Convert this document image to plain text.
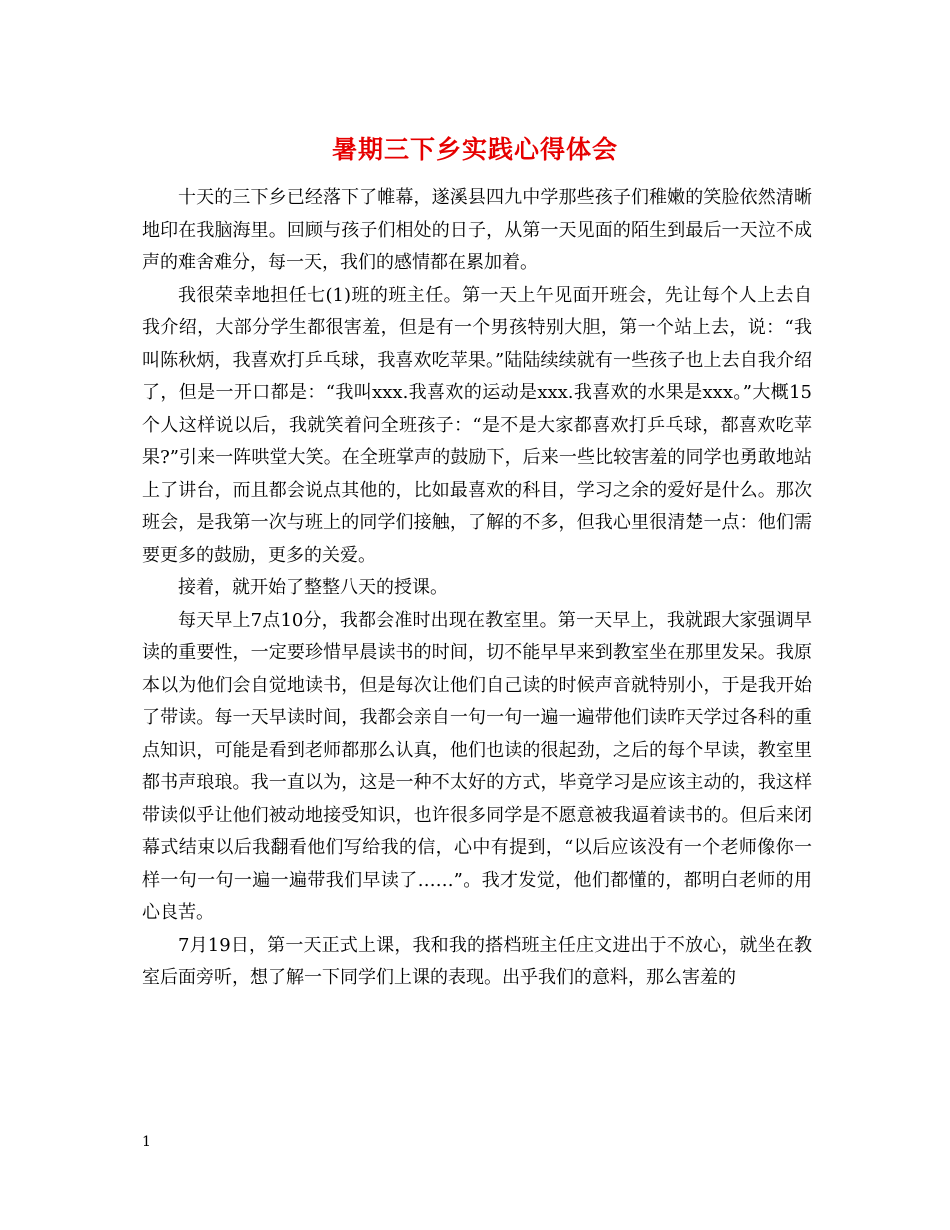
暑期三下乡实践心得体会

十天的三下乡已经落下了帷幕，遂溪县四九中学那些孩子们稚嫩的笑脸依然清晰地印在我脑海里。回顾与孩子们相处的日子，从第一天见面的陌生到最后一天泣不成声的难舍难分，每一天，我们的感情都在累加着。

我很荣幸地担任七(1)班的班主任。第一天上午见面开班会，先让每个人上去自我介绍，大部分学生都很害羞，但是有一个男孩特别大胆，第一个站上去，说：“我叫陈秋炳，我喜欢打乒乓球，我喜欢吃苹果。”陆陆续续就有一些孩子也上去自我介绍了，但是一开口都是：“我叫xxx.我喜欢的运动是xxx.我喜欢的水果是xxx。”大概15个人这样说以后，我就笑着问全班孩子：“是不是大家都喜欢打乒乓球，都喜欢吃苹果?”引来一阵哄堂大笑。在全班掌声的鼓励下，后来一些比较害羞的同学也勇敢地站上了讲台，而且都会说点其他的，比如最喜欢的科目，学习之余的爱好是什么。那次班会，是我第一次与班上的同学们接触，了解的不多，但我心里很清楚一点：他们需要更多的鼓励，更多的关爱。

接着，就开始了整整八天的授课。

每天早上7点10分，我都会准时出现在教室里。第一天早上，我就跟大家强调早读的重要性，一定要珍惜早晨读书的时间，切不能早早来到教室坐在那里发呆。我原本以为他们会自觉地读书，但是每次让他们自己读的时候声音就特别小，于是我开始了带读。每一天早读时间，我都会亲自一句一句一遍一遍带他们读昨天学过各科的重点知识，可能是看到老师都那么认真，他们也读的很起劲，之后的每个早读，教室里都书声琅琅。我一直以为，这是一种不太好的方式，毕竟学习是应该主动的，我这样带读似乎让他们被动地接受知识，也许很多同学是不愿意被我逼着读书的。但后来闭幕式结束以后我翻看他们写给我的信，心中有提到，“以后应该没有一个老师像你一样一句一句一遍一遍带我们早读了……”。我才发觉，他们都懂的，都明白老师的用心良苦。

7月19日，第一天正式上课，我和我的搭档班主任庄文进出于不放心，就坐在教室后面旁听，想了解一下同学们上课的表现。出乎我们的意料，那么害羞的

1
